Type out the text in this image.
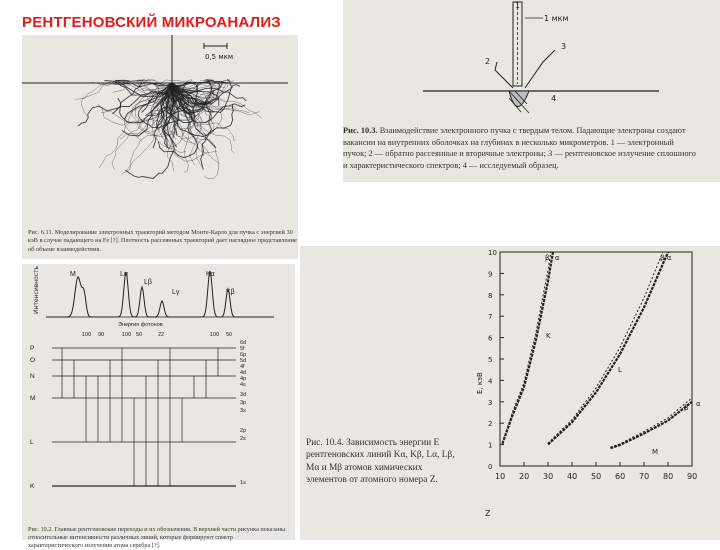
РЕНТГЕНОВСКИЙ МИКРОАНАЛИЗ
0,5 мкм
Рис. 6.11. Моделирование электронных траекторий методом Монте-Карло для пучка с энергией 30 кэВ в случае падающего на Fe [?]. Плотность рассеянных траекторий дает наглядное представление об объеме взаимодействия.
1 мкм
1
2
3
4
Рис. 10.3. Взаимодействие электронного пучка с твердым телом. Падающие электроны создают вакансии на внутренних оболочках на глубинах в несколько микрометров. 1 — электронный пучок; 2 — обратно рассеянные и вторичные электроны; 3 — рентгеновское излучение сплошного и характеристического спектров; 4 — исследуемый образец.
Интенсивность	M	Lα
Lβ
Lγ
Kα
Kβ
Энергия фотонов
100 90	100 50	22	100 50
P
O
N
M
L
K
6d
5f
6p
5d
4f
4d
4p
4s
3d
3p
3s
2p
2s
1s
Рис. 10.2. Главные рентгеновские переходы и их обозначения. В верхней части рисунка показаны относительные интенсивности различных линий, которые формируют спектр характеристического излучения атома серебра [?].
10 20 30 40 50 60 70 80 90
0
1
2
3
4
5
6
7
8
9
10
β α
K
β α
L
β α
M
Z
E, кэВ
Рис. 10.4. Зависимость энергии E рентгеновских линий Kα, Kβ, Lα, Lβ, Mα и Mβ атомов химических элементов от атомного номера Z.
